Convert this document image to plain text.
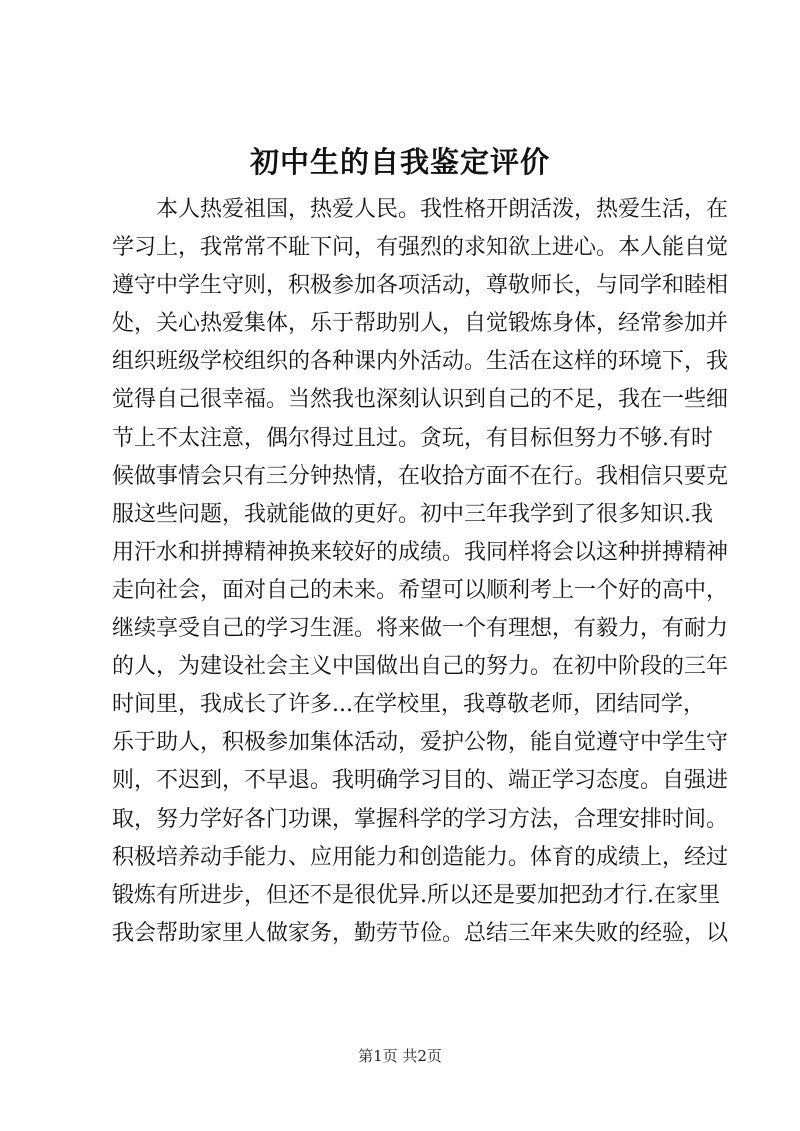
初中生的自我鉴定评价
本人热爱祖国，热爱人民。我性格开朗活泼，热爱生活，在
学习上，我常常不耻下问，有强烈的求知欲上进心。本人能自觉
遵守中学生守则，积极参加各项活动，尊敬师长，与同学和睦相
处，关心热爱集体，乐于帮助别人，自觉锻炼身体，经常参加并
组织班级学校组织的各种课内外活动。生活在这样的环境下，我
觉得自己很幸福。当然我也深刻认识到自己的不足，我在一些细
节上不太注意，偶尔得过且过。贪玩，有目标但努力不够.有时
候做事情会只有三分钟热情，在收拾方面不在行。我相信只要克
服这些问题，我就能做的更好。初中三年我学到了很多知识.我
用汗水和拼搏精神换来较好的成绩。我同样将会以这种拼搏精神
走向社会，面对自己的未来。希望可以顺利考上一个好的高中，
继续享受自己的学习生涯。将来做一个有理想，有毅力，有耐力
的人，为建设社会主义中国做出自己的努力。在初中阶段的三年
时间里，我成长了许多...在学校里，我尊敬老师，团结同学，
乐于助人，积极参加集体活动，爱护公物，能自觉遵守中学生守
则，不迟到，不早退。我明确学习目的、端正学习态度。自强进
取，努力学好各门功课，掌握科学的学习方法，合理安排时间。
积极培养动手能力、应用能力和创造能力。体育的成绩上，经过
锻炼有所进步，但还不是很优异.所以还是要加把劲才行.在家里
我会帮助家里人做家务，勤劳节俭。总结三年来失败的经验，以
第1页 共2页
